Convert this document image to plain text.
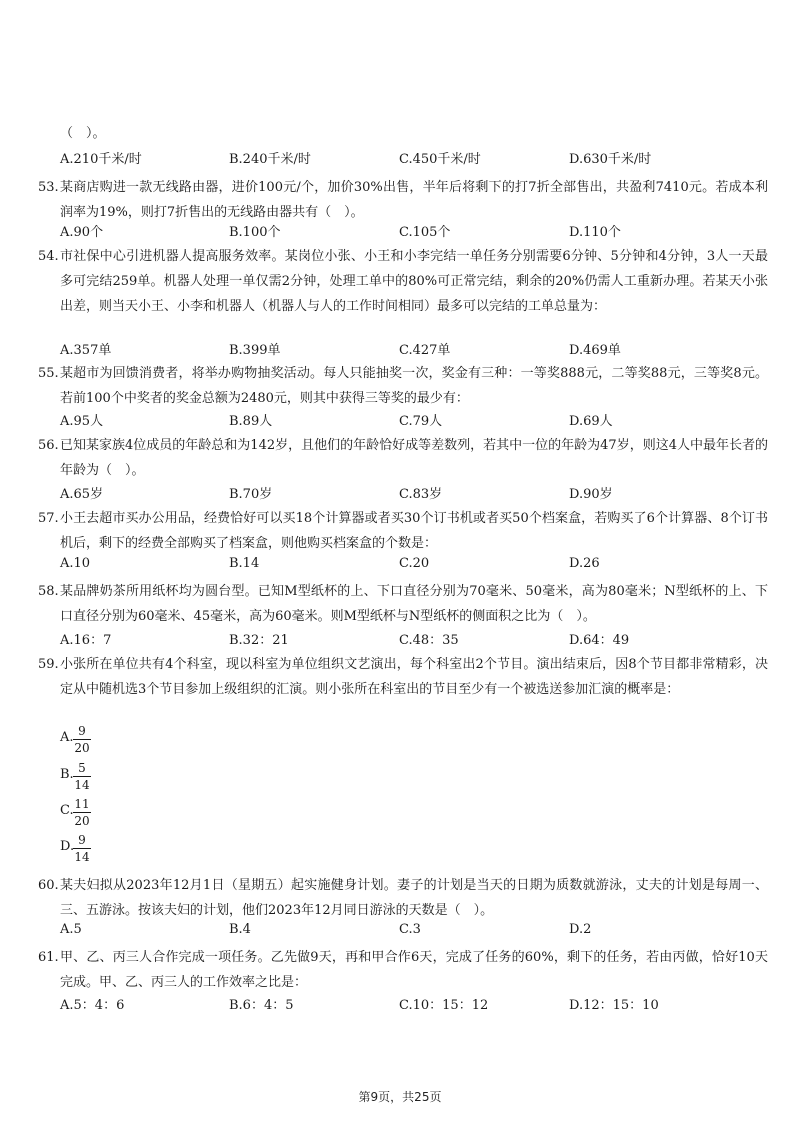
（　）。
A.210千米/时	B.240千米/时	C.450千米/时	D.630千米/时
53. 某商店购进一款无线路由器，进价100元/个，加价30%出售，半年后将剩下的打7折全部售出，共盈利7410元。若成本利润率为19%，则打7折售出的无线路由器共有（　）。
A.90个	B.100个	C.105个	D.110个
54. 市社保中心引进机器人提高服务效率。某岗位小张、小王和小李完结一单任务分别需要6分钟、5分钟和4分钟，3人一天最多可完结259单。机器人处理一单仅需2分钟，处理工单中的80%可正常完结，剩余的20%仍需人工重新办理。若某天小张出差，则当天小王、小李和机器人（机器人与人的工作时间相同）最多可以完结的工单总量为：
A.357单	B.399单	C.427单	D.469单
55. 某超市为回馈消费者，将举办购物抽奖活动。每人只能抽奖一次，奖金有三种：一等奖888元，二等奖88元，三等奖8元。若前100个中奖者的奖金总额为2480元，则其中获得三等奖的最少有：
A.95人	B.89人	C.79人	D.69人
56. 已知某家族4位成员的年龄总和为142岁，且他们的年龄恰好成等差数列，若其中一位的年龄为47岁，则这4人中最年长者的年龄为（　）。
A.65岁	B.70岁	C.83岁	D.90岁
57. 小王去超市买办公用品，经费恰好可以买18个计算器或者买30个订书机或者买50个档案盒，若购买了6个计算器、8个订书机后，剩下的经费全部购买了档案盒，则他购买档案盒的个数是：
A.10	B.14	C.20	D.26
58. 某品牌奶茶所用纸杯均为圆台型。已知M型纸杯的上、下口直径分别为70毫米、50毫米，高为80毫米；N型纸杯的上、下口直径分别为60毫米、45毫米，高为60毫米。则M型纸杯与N型纸杯的侧面积之比为（　）。
A.16：7	B.32：21	C.48：35	D.64：49
59. 小张所在单位共有4个科室，现以科室为单位组织文艺演出，每个科室出2个节目。演出结束后，因8个节目都非常精彩，决定从中随机选3个节目参加上级组织的汇演。则小张所在科室出的节目至少有一个被选送参加汇演的概率是：
A. $\frac{9}{20}$
B. $\frac{5}{14}$
C. $\frac{11}{20}$
D.
$\frac{9}{14}$
60. 某夫妇拟从2023年12月1日（星期五）起实施健身计划。妻子的计划是当天的日期为质数就游泳，丈夫的计划是每周一、三、五游泳。按该夫妇的计划，他们2023年12月同日游泳的天数是（　）。
A.5	B.4	C.3	D.2
61. 甲、乙、丙三人合作完成一项任务。乙先做9天，再和甲合作6天，完成了任务的60%，剩下的任务，若由丙做，恰好10天完成。甲、乙、丙三人的工作效率之比是：
A.5：4：6	B.6：4：5	C.10：15：12	D.12：15：10
第9页，共25页
